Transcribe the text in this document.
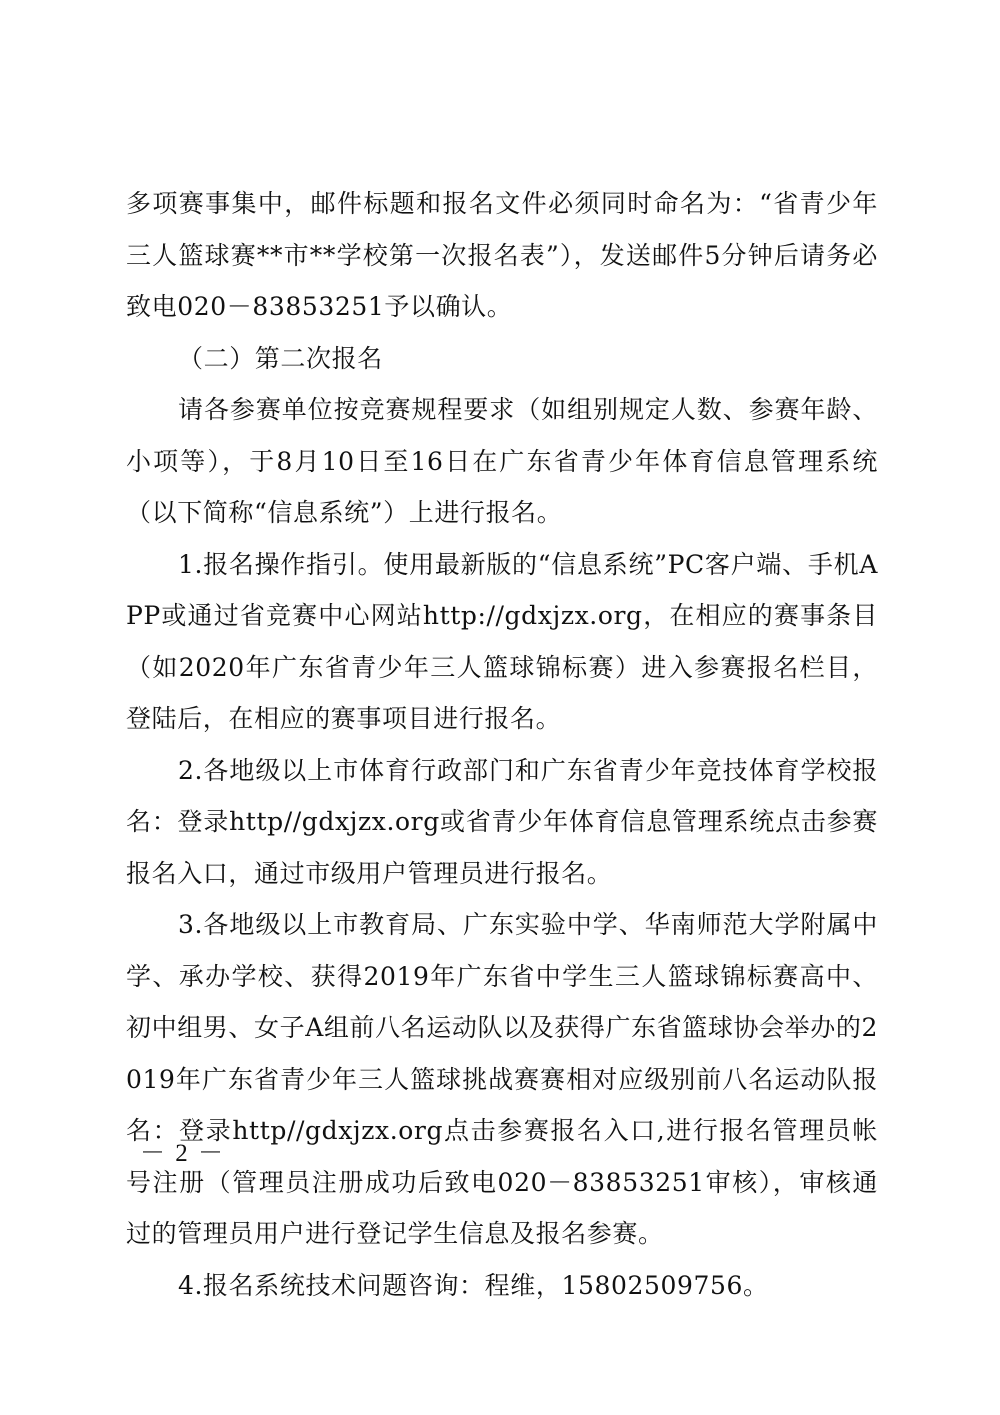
多项赛事集中，邮件标题和报名文件必须同时命名为：“省青少年三人篮球赛**市**学校第一次报名表”），发送邮件5分钟后请务必致电020－83853251予以确认。

（二）第二次报名

请各参赛单位按竞赛规程要求（如组别规定人数、参赛年龄、小项等），于8月10日至16日在广东省青少年体育信息管理系统（以下简称“信息系统”）上进行报名。

1.报名操作指引。使用最新版的“信息系统”PC客户端、手机APP或通过省竞赛中心网站http://gdxjzx.org，在相应的赛事条目（如2020年广东省青少年三人篮球锦标赛）进入参赛报名栏目，登陆后，在相应的赛事项目进行报名。

2.各地级以上市体育行政部门和广东省青少年竞技体育学校报名：登录http//gdxjzx.org或省青少年体育信息管理系统点击参赛报名入口，通过市级用户管理员进行报名。

3.各地级以上市教育局、广东实验中学、华南师范大学附属中学、承办学校、获得2019年广东省中学生三人篮球锦标赛高中、初中组男、女子A组前八名运动队以及获得广东省篮球协会举办的2019年广东省青少年三人篮球挑战赛赛相对应级别前八名运动队报名：登录http//gdxjzx.org点击参赛报名入口,进行报名管理员帐号注册（管理员注册成功后致电020－83853251审核），审核通过的管理员用户进行登记学生信息及报名参赛。

4.报名系统技术问题咨询：程维，15802509756。

－ 2 －
